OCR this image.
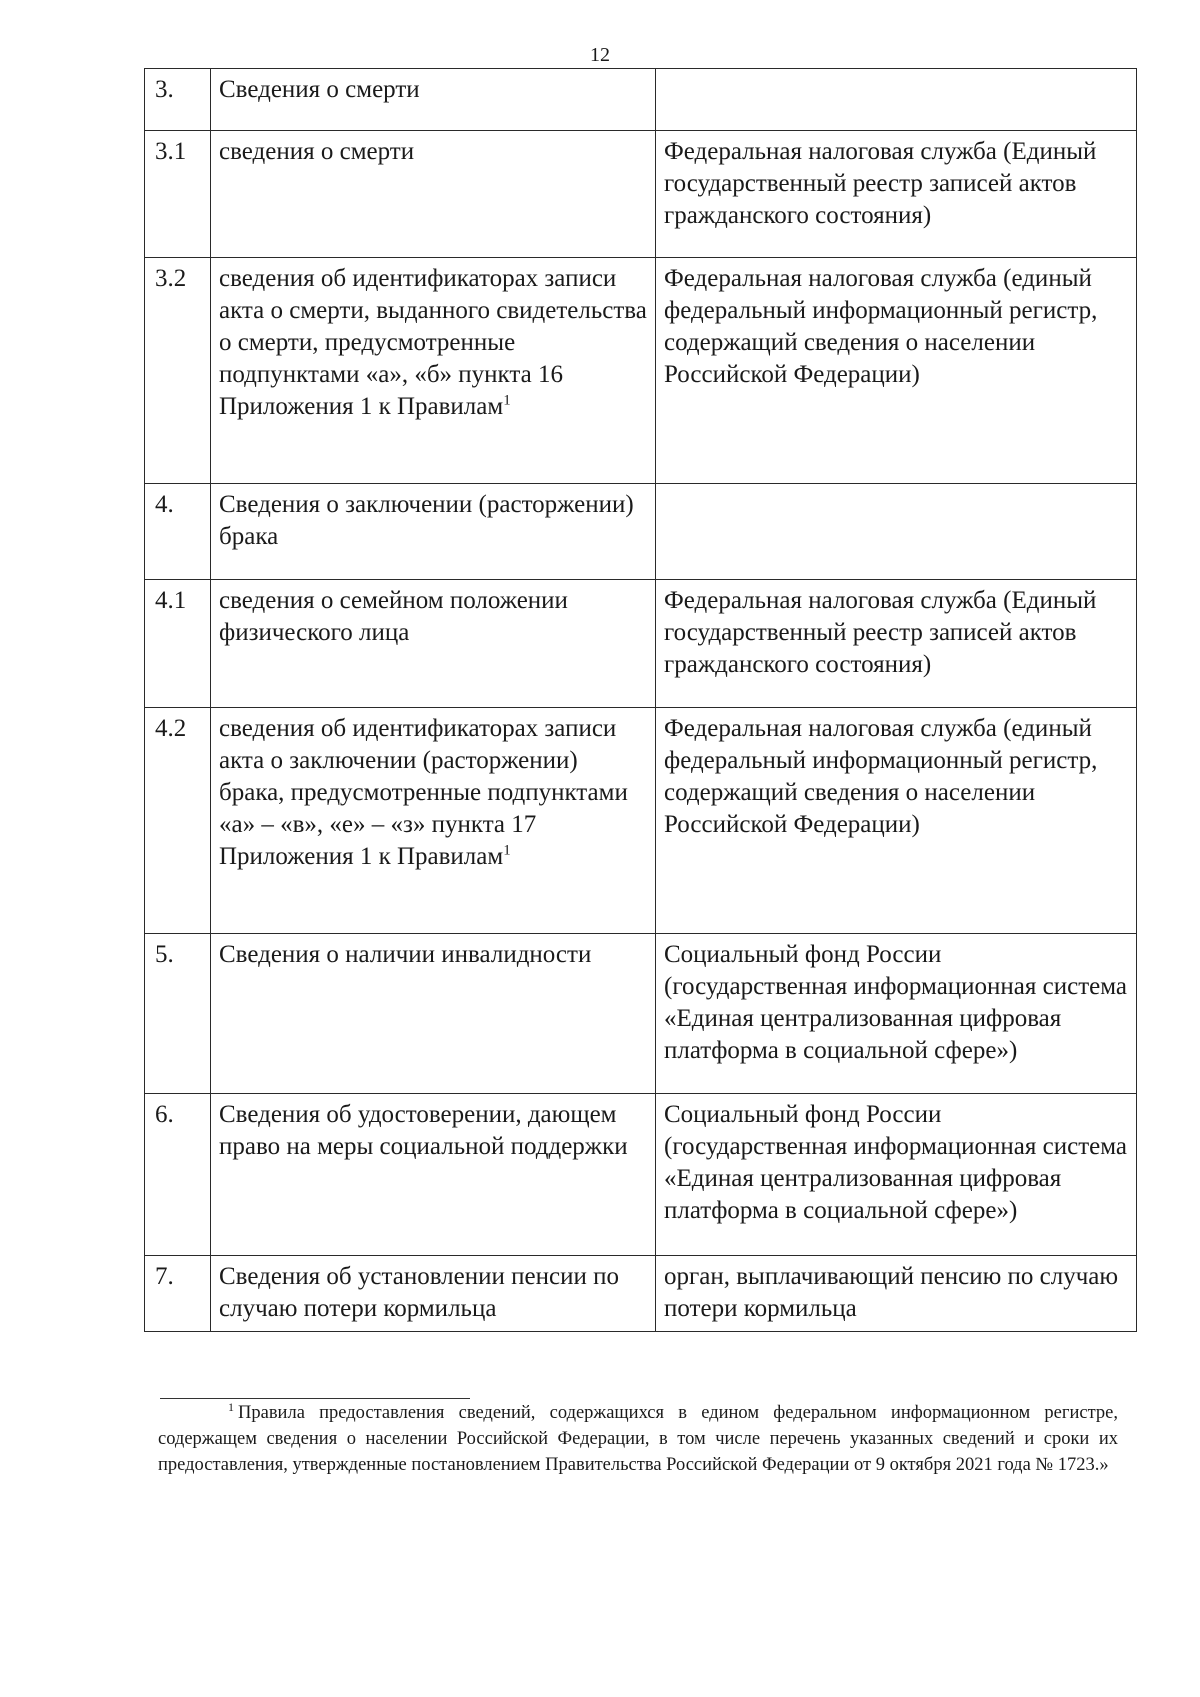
12
3.	Сведения о смерти	
3.1	сведения о смерти	Федеральная налоговая служба (Единый государственный реестр записей актов гражданского состояния)
3.2	сведения об идентификаторах записи акта о смерти, выданного свидетельства о смерти, предусмотренные подпунктами «а», «б» пункта 16 Приложения 1 к Правилам$^1$	Федеральная налоговая служба (единый федеральный информационный регистр, содержащий сведения о населении Российской Федерации)
4.	Сведения о заключении (расторжении) брака	
4.1	сведения о семейном положении физического лица	Федеральная налоговая служба (Единый государственный реестр записей актов гражданского состояния)
4.2	сведения об идентификаторах записи акта о заключении (расторжении) брака, предусмотренные подпунктами «а» – «в», «е» – «з» пункта 17 Приложения 1 к Правилам$^1$	Федеральная налоговая служба (единый федеральный информационный регистр, содержащий сведения о населении Российской Федерации)
5.	Сведения о наличии инвалидности	Социальный фонд России (государственная информационная система «Единая централизованная цифровая платформа в социальной сфере»)
6.	Сведения об удостоверении, дающем право на меры социальной поддержки	Социальный фонд России (государственная информационная система «Единая централизованная цифровая платформа в социальной сфере»)
7.	Сведения об установлении пенсии по случаю потери кормильца	орган, выплачивающий пенсию по случаю потери кормильца
$^1$ Правила предоставления сведений, содержащихся в едином федеральном информационном регистре, содержащем сведения о населении Российской Федерации, в том числе перечень указанных сведений и сроки их предоставления, утвержденные постановлением Правительства Российской Федерации от 9 октября 2021 года № 1723.»
